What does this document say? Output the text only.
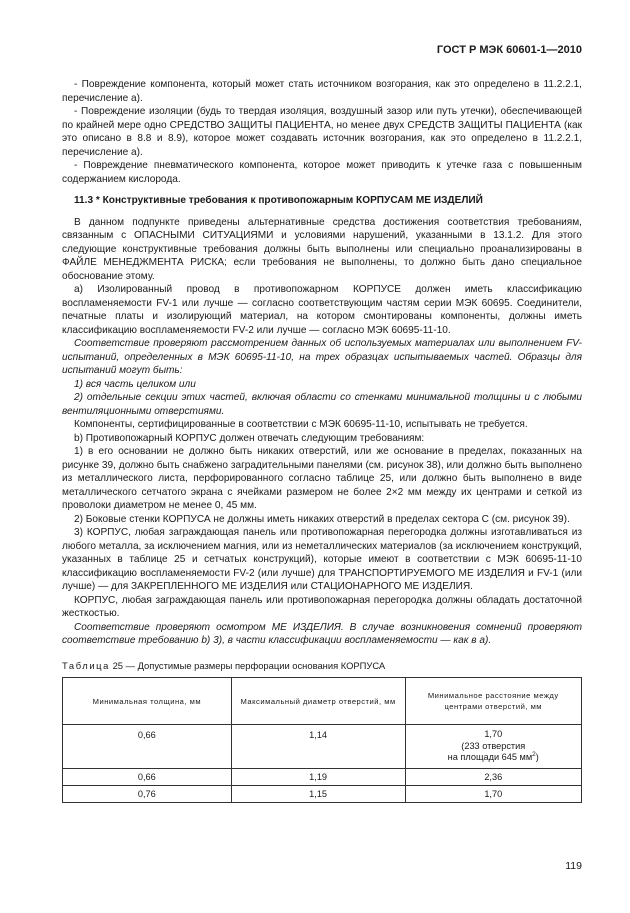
ГОСТ Р МЭК 60601-1—2010

- Повреждение компонента, который может стать источником возгорания, как это определено в 11.2.2.1, перечисление a).

- Повреждение изоляции (будь то твердая изоляция, воздушный зазор или путь утечки), обеспечивающей по крайней мере одно СРЕДСТВО ЗАЩИТЫ ПАЦИЕНТА, но менее двух СРЕДСТВ ЗАЩИТЫ ПАЦИЕНТА (как это описано в 8.8 и 8.9), которое может создавать источник возгорания, как это определено в 11.2.2.1, перечисление а).

- Повреждение пневматического компонента, которое может приводить к утечке газа с повышенным содержанием кислорода.

11.3 * Конструктивные требования к противопожарным КОРПУСАМ МЕ ИЗДЕЛИЙ

В данном подпункте приведены альтернативные средства достижения соответствия требованиям, связанным с ОПАСНЫМИ СИТУАЦИЯМИ и условиями нарушений, указанными в 13.1.2. Для этого следующие конструктивные требования должны быть выполнены или специально проанализированы в ФАЙЛЕ МЕНЕДЖМЕНТА РИСКА; если требования не выполнены, то должно быть дано специальное обоснование этому.

a) Изолированный провод в противопожарном КОРПУСЕ должен иметь классификацию воспламеняемости FV-1 или лучше — согласно соответствующим частям серии МЭК 60695. Соединители, печатные платы и изолирующий материал, на котором смонтированы компоненты, должны иметь классификацию воспламеняемости FV-2 или лучше — согласно МЭК 60695-11-10.

Соответствие проверяют рассмотрением данных об используемых материалах или выполнением FV-испытаний, определенных в МЭК 60695-11-10, на трех образцах испытываемых частей. Образцы для испытаний могут быть:

1) вся часть целиком или

2) отдельные секции этих частей, включая области со стенками минимальной толщины и с любыми вентиляционными отверстиями.

Компоненты, сертифицированные в соответствии с МЭК 60695-11-10, испытывать не требуется.

b) Противопожарный КОРПУС должен отвечать следующим требованиям:

1) в его основании не должно быть никаких отверстий, или же основание в пределах, показанных на рисунке 39, должно быть снабжено заградительными панелями (см. рисунок 38), или должно быть выполнено из металлического листа, перфорированного согласно таблице 25, или должно быть выполнено в виде металлического сетчатого экрана с ячейками размером не более 2×2 мм между их центрами и сеткой из проволоки диаметром не менее 0, 45 мм.

2) Боковые стенки КОРПУСА не должны иметь никаких отверстий в пределах сектора С (см. рисунок 39).

3) КОРПУС, любая заграждающая панель или противопожарная перегородка должны изготавливаться из любого металла, за исключением магния, или из неметаллических материалов (за исключением конструкций, указанных в таблице 25 и сетчатых конструкций), которые имеют в соответствии с МЭК 60695-11-10 классификацию воспламеняемости FV-2 (или лучше) для ТРАНСПОРТИРУЕМОГО МЕ ИЗДЕЛИЯ и FV-1 (или лучше) — для ЗАКРЕПЛЕННОГО МЕ ИЗДЕЛИЯ или СТАЦИОНАРНОГО МЕ ИЗДЕЛИЯ.

КОРПУС, любая заграждающая панель или противопожарная перегородка должны обладать достаточной жесткостью.

Соответствие проверяют осмотром МЕ ИЗДЕЛИЯ. В случае возникновения сомнений проверяют соответствие требованию b) 3), в части классификации воспламеняемости — как в a).

Таблица 25 — Допустимые размеры перфорации основания КОРПУСА

Минимальная толщина, мм	Максимальный диаметр отверстий, мм	Минимальное расстояние между центрами отверстий, мм
0,66	1,14	1,70
(233 отверстия
на площади 645 $мм^2$)
0,66	1,19	2,36
0,76	1,15	1,70
119
